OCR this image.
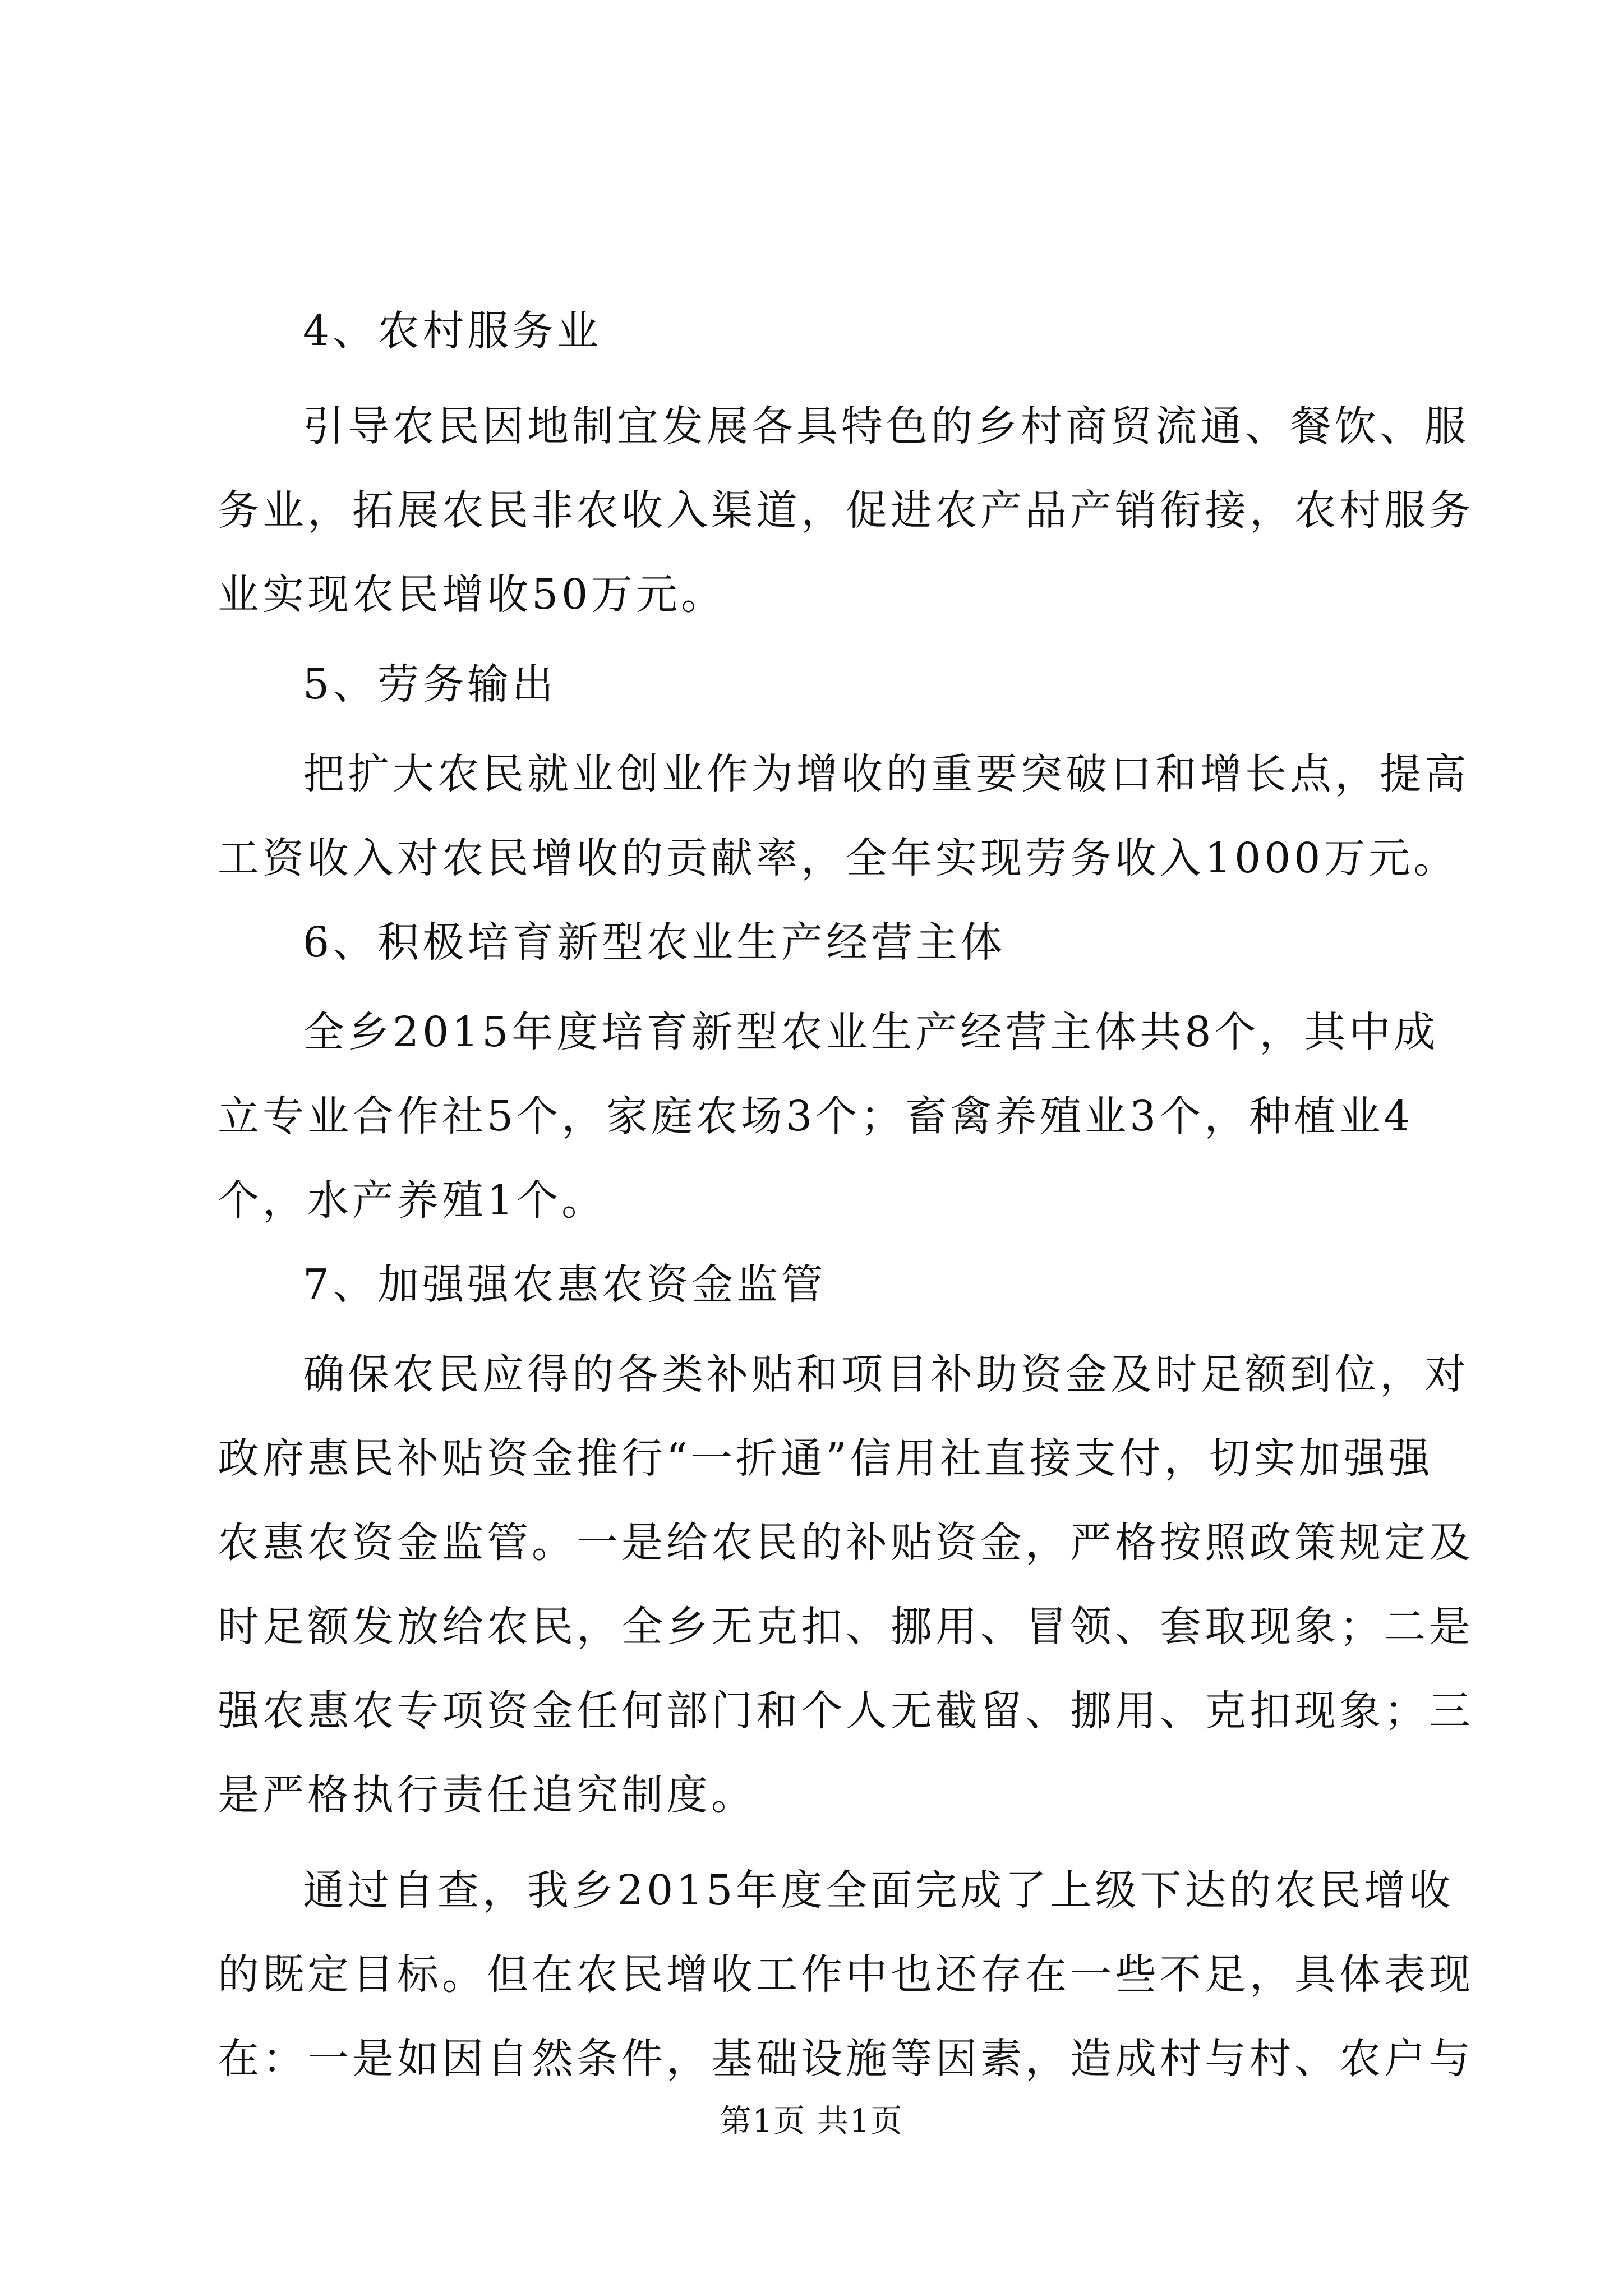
4、农村服务业
引导农民因地制宜发展各具特色的乡村商贸流通、餐饮、服
务业，拓展农民非农收入渠道，促进农产品产销衔接，农村服务
业实现农民增收50万元。
5、劳务输出
把扩大农民就业创业作为增收的重要突破口和增长点，提高
工资收入对农民增收的贡献率，全年实现劳务收入1000万元。
6、积极培育新型农业生产经营主体
全乡2015年度培育新型农业生产经营主体共8个，其中成
立专业合作社5个，家庭农场3个；畜禽养殖业3个，种植业4
个，水产养殖1个。
7、加强强农惠农资金监管
确保农民应得的各类补贴和项目补助资金及时足额到位，对
政府惠民补贴资金推行“一折通”信用社直接支付，切实加强强
农惠农资金监管。一是给农民的补贴资金，严格按照政策规定及
时足额发放给农民，全乡无克扣、挪用、冒领、套取现象；二是
强农惠农专项资金任何部门和个人无截留、挪用、克扣现象；三
是严格执行责任追究制度。
通过自查，我乡2015年度全面完成了上级下达的农民增收
的既定目标。但在农民增收工作中也还存在一些不足，具体表现
在：一是如因自然条件，基础设施等因素，造成村与村、农户与
第1页 共1页
